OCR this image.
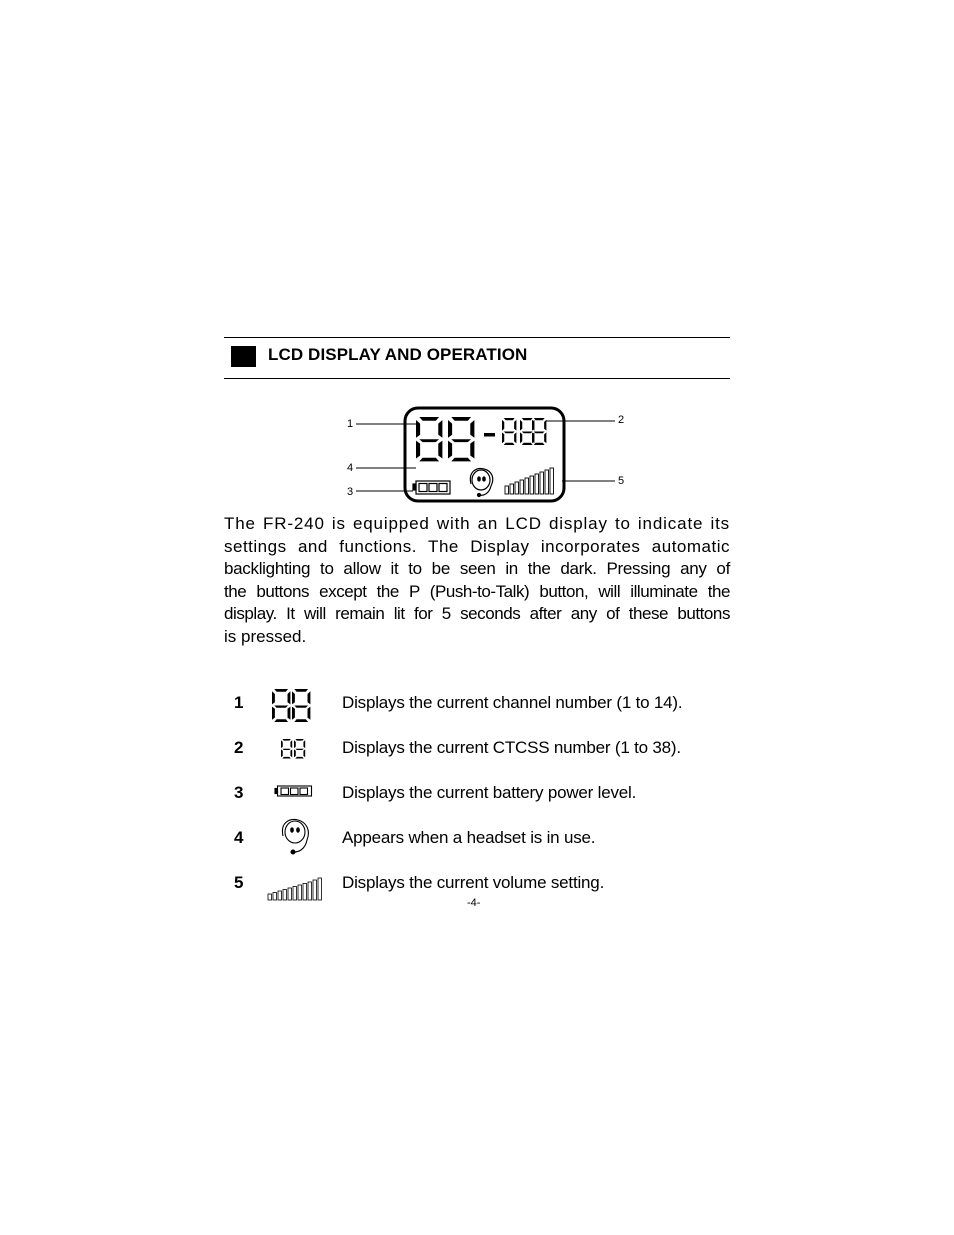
LCD DISPLAY AND OPERATION
1	2
3
4
5
The FR-240 is equipped with an LCD display to indicate its
settings and functions. The Display incorporates automatic
backlighting to allow it to be seen in the dark. Pressing any of
the buttons except the P (Push-to-Talk) button, will illuminate the
display. It will remain lit for 5 seconds after any of these buttons
is pressed.
1	Displays the current channel number (1 to 14).
2	Displays the current CTCSS number (1 to 38).
3	Displays the current battery power level.
4	Appears when a headset is in use.
5	Displays the current volume setting.
-4-
